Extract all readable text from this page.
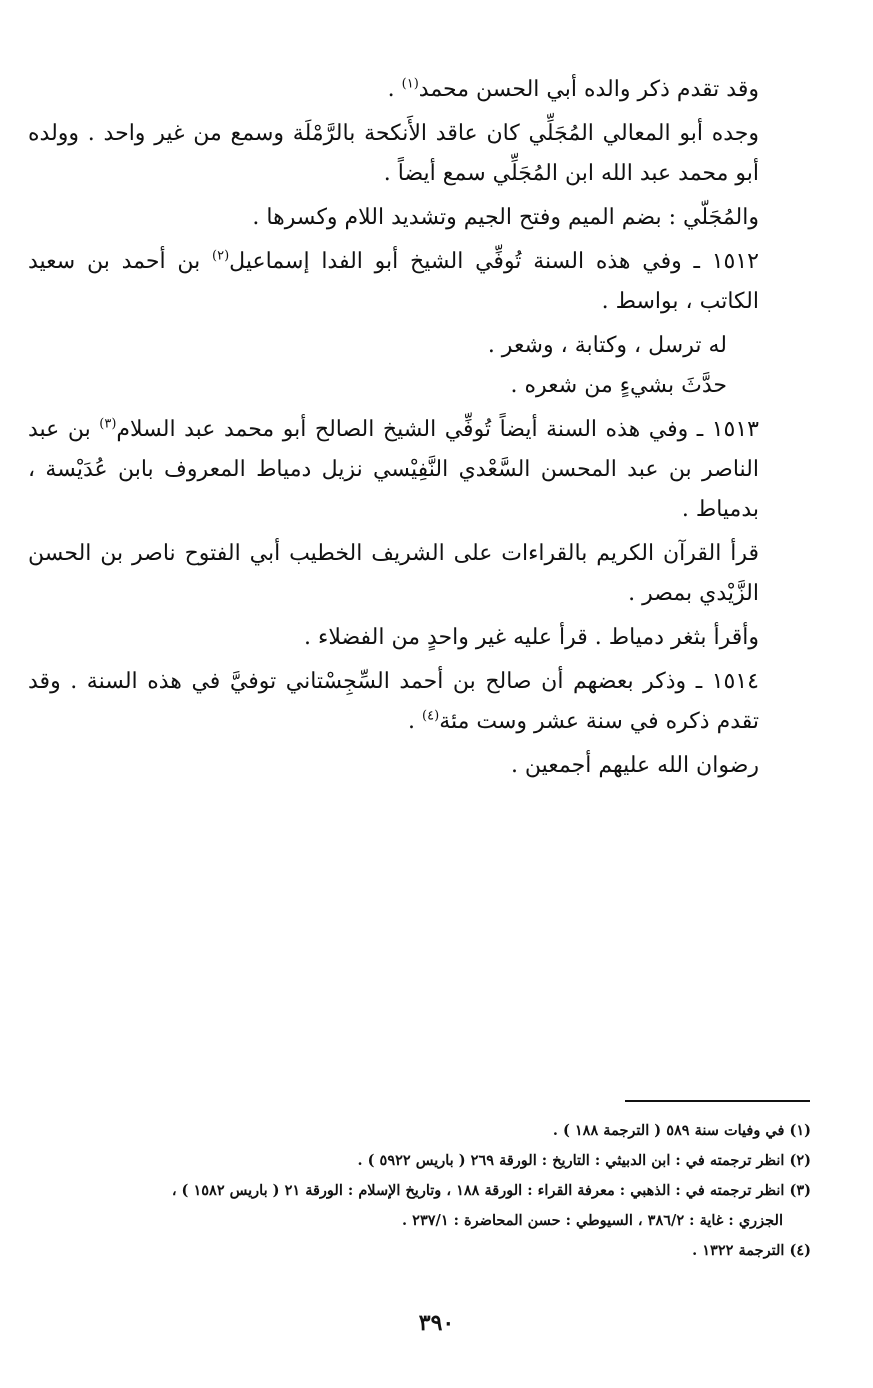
وقد تقدم ذكر والده أبي الحسن محمد$^{(١)}$ .

وجده أبو المعالي المُجَلِّي كان عاقد الأَنكحة بالرَّمْلَة وسمع من غير واحد . وولده أبو محمد عبد الله ابن المُجَلِّي سمع أيضاً .

والمُجَلّي : بضم الميم وفتح الجيم وتشديد اللام وكسرها .

١٥١٢ ـ وفي هذه السنة تُوفِّي الشيخ أبو الفدا إسماعيل$^{(٢)}$ بن أحمد بن سعيد الكاتب ، بواسط .

له ترسل ، وكتابة ، وشعر .

حدَّثَ بشيءٍ من شعره .

١٥١٣ ـ وفي هذه السنة أيضاً تُوفِّي الشيخ الصالح أبو محمد عبد السلام$^{(٣)}$ بن عبد الناصر بن عبد المحسن السَّعْدي النَّفِيْسي نزيل دمياط المعروف بابن عُدَيْسة ، بدمياط .

قرأ القرآن الكريم بالقراءات على الشريف الخطيب أبي الفتوح ناصر بن الحسن الزَّيْدي بمصر .

وأقرأ بثغر دمياط . قرأ عليه غير واحدٍ من الفضلاء .

١٥١٤ ـ وذكر بعضهم أن صالح بن أحمد السِّجِسْتاني توفيَّ في هذه السنة . وقد تقدم ذكره في سنة عشر وست مئة$^{(٤)}$ .

رضوان الله عليهم أجمعين .

(١) في وفيات سنة ٥٨٩ ( الترجمة ١٨٨ ) .
(٢) انظر ترجمته في : ابن الدبيثي : التاريخ : الورقة ٢٦٩ ( باريس ٥٩٢٢ ) .
(٣) انظر ترجمته في : الذهبي : معرفة القراء : الورقة ١٨٨ ، وتاريخ الإسلام : الورقة ٢١ ( باريس ١٥٨٢ ) ،
الجزري : غاية : ٣٨٦/٢ ، السيوطي : حسن المحاضرة : ٢٣٧/١ .
(٤) الترجمة ١٣٢٢ .
٣٩٠
